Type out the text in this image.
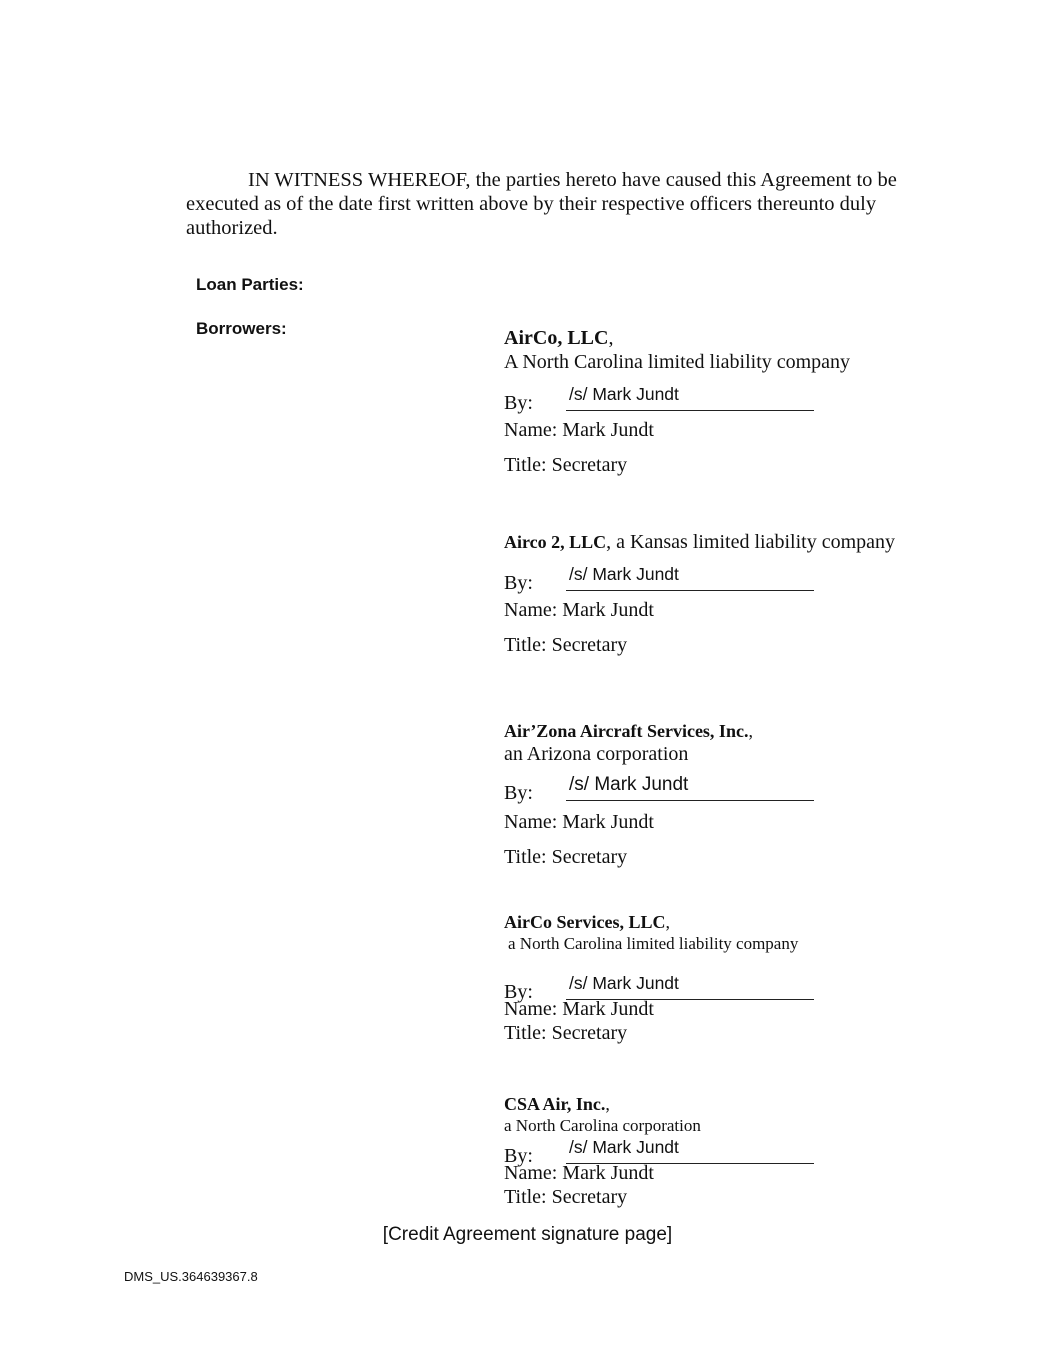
IN WITNESS WHEREOF, the parties hereto have caused this Agreement to be executed as of the date first written above by their respective officers thereunto duly authorized.

Loan Parties:
Borrowers:	AirCo, LLC,
A North Carolina limited liability company
By: /s/ Mark Jundt
Name: Mark Jundt
Title: Secretary
Airco 2, LLC, a Kansas limited liability company
By: /s/ Mark Jundt
Name: Mark Jundt
Title: Secretary
Air’Zona Aircraft Services, Inc.,
an Arizona corporation
By: /s/ Mark Jundt
Name: Mark Jundt
Title: Secretary
AirCo Services, LLC,
a North Carolina limited liability company
By: /s/ Mark Jundt
Name: Mark Jundt
Title: Secretary
CSA Air, Inc.,
a North Carolina corporation
By: /s/ Mark Jundt
Name: Mark Jundt
Title: Secretary
[Credit Agreement signature page]
DMS_US.364639367.8
